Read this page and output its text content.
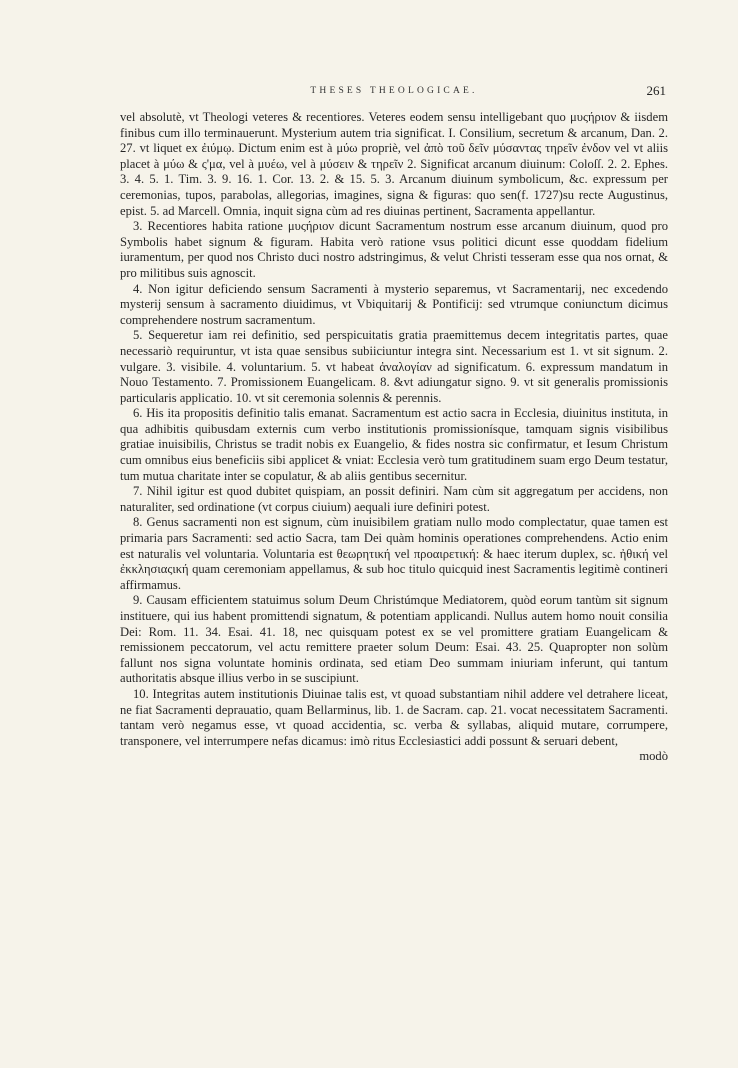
THESES THEOLOGICAE.	261

vel absolutè, vt Theologi veteres & recentiores. Veteres eodem sensu intelligebant quo μυςήριον & iisdem finibus cum illo terminauerunt. Mysterium autem tria significat. I. Consilium, secretum & arcanum, Dan. 2. 27. vt liquet ex ἐιύμῳ. Dictum enim est à μύω propriè, vel ἀπὸ τοῦ δεῖν μύσαντας τηρεῖν ἐνδον vel vt aliis placet à μύω & ς'μα, vel à μυέω, vel à μύσειν & τηρεῖν 2. Significat arcanum diuinum: Coloſſ. 2. 2. Ephes. 3. 4. 5. 1. Tim. 3. 9. 16. 1. Cor. 13. 2. & 15. 5. 3. Arcanum diuinum symbolicum, &c. expressum per ceremonias, tupos, parabolas, allegorias, imagines, signa & figuras: quo sen(f. 1727)su recte Augustinus, epist. 5. ad Marcell. Omnia, inquit signa cùm ad res diuinas pertinent, Sacramenta appellantur.

3. Recentiores habita ratione μυςήριον dicunt Sacramentum nostrum esse arcanum diuinum, quod pro Symbolis habet signum & figuram. Habita verò ratione vsus politici dicunt esse quoddam fidelium iuramentum, per quod nos Christo duci nostro adstringimus, & velut Christi tesseram esse qua nos ornat, & pro militibus suis agnoscit.

4. Non igitur deficiendo sensum Sacramenti à mysterio separemus, vt Sacramentarij, nec excedendo mysterij sensum à sacramento diuidimus, vt Vbiquitarij & Pontificij: sed vtrumque coniunctum dicimus comprehendere nostrum sacramentum.

5. Sequeretur iam rei definitio, sed perspicuitatis gratia praemittemus decem integritatis partes, quae necessariò requiruntur, vt ista quae sensibus subiiciuntur integra sint. Necessarium est 1. vt sit signum. 2. vulgare. 3. visibile. 4. voluntarium. 5. vt habeat ἀναλογίαν ad significatum. 6. expressum mandatum in Nouo Testamento. 7. Promissionem Euangelicam. 8. &vt adiungatur signo. 9. vt sit generalis promissionis particularis applicatio. 10. vt sit ceremonia solennis & perennis.

6. His ita propositis definitio talis emanat. Sacramentum est actio sacra in Ecclesia, diuinitus instituta, in qua adhibitis quibusdam externis cum verbo institutionis promissionísque, tamquam signis visibilibus gratiae inuisibilis, Christus se tradit nobis ex Euangelio, & fides nostra sic confirmatur, et Iesum Christum cum omnibus eius beneficiis sibi applicet & vniat: Ecclesia verò tum gratitudinem suam ergo Deum testatur, tum mutua charitate inter se copulatur, & ab aliis gentibus secernitur.

7. Nihil igitur est quod dubitet quispiam, an possit definiri. Nam cùm sit aggregatum per accidens, non naturaliter, sed ordinatione (vt corpus ciuium) aequali iure definiri potest.

8. Genus sacramenti non est signum, cùm inuisibilem gratiam nullo modo complectatur, quae tamen est primaria pars Sacramenti: sed actio Sacra, tam Dei quàm hominis operationes comprehendens. Actio enim est naturalis vel voluntaria. Voluntaria est θεωρητική vel προαιρετική: & haec iterum duplex, sc. ἠθική vel ἐκκλησιαςική quam ceremoniam appellamus, & sub hoc titulo quicquid inest Sacramentis legitimè contineri affirmamus.

9. Causam efficientem statuimus solum Deum Christúmque Mediatorem, quòd eorum tantùm sit signum instituere, qui ius habent promittendi signatum, & potentiam applicandi. Nullus autem homo nouit consilia Dei: Rom. 11. 34. Esai. 41. 18, nec quisquam potest ex se vel promittere gratiam Euangelicam & remissionem peccatorum, vel actu remittere praeter solum Deum: Esai. 43. 25. Quapropter non solùm fallunt nos signa voluntate hominis ordinata, sed etiam Deo summam iniuriam inferunt, qui tantum authoritatis absque illius verbo in se suscipiunt.

10. Integritas autem institutionis Diuinae talis est, vt quoad substantiam nihil addere vel detrahere liceat, ne fiat Sacramenti deprauatio, quam Bellarminus, lib. 1. de Sacram. cap. 21. vocat necessitatem Sacramenti. tantam verò negamus esse, vt quoad accidentia, sc. verba & syllabas, aliquid mutare, corrumpere, transponere, vel interrumpere nefas dicamus: imò ritus Ecclesiastici addi possunt & seruari debent,

modò
